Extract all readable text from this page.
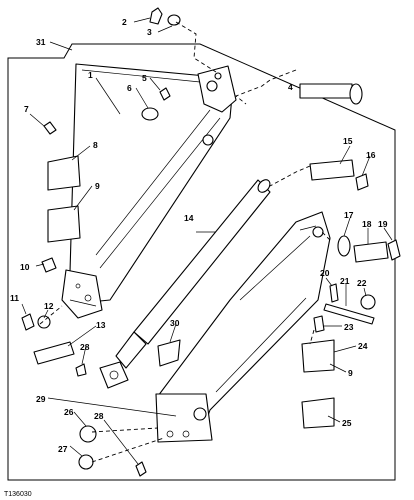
2
3
31
1	5
6	4
7
8	15
16
9
14	17
18 19
10
20
21 22
11
12
13	23
30
28	24
9
29
26 28
25
27
T136030
